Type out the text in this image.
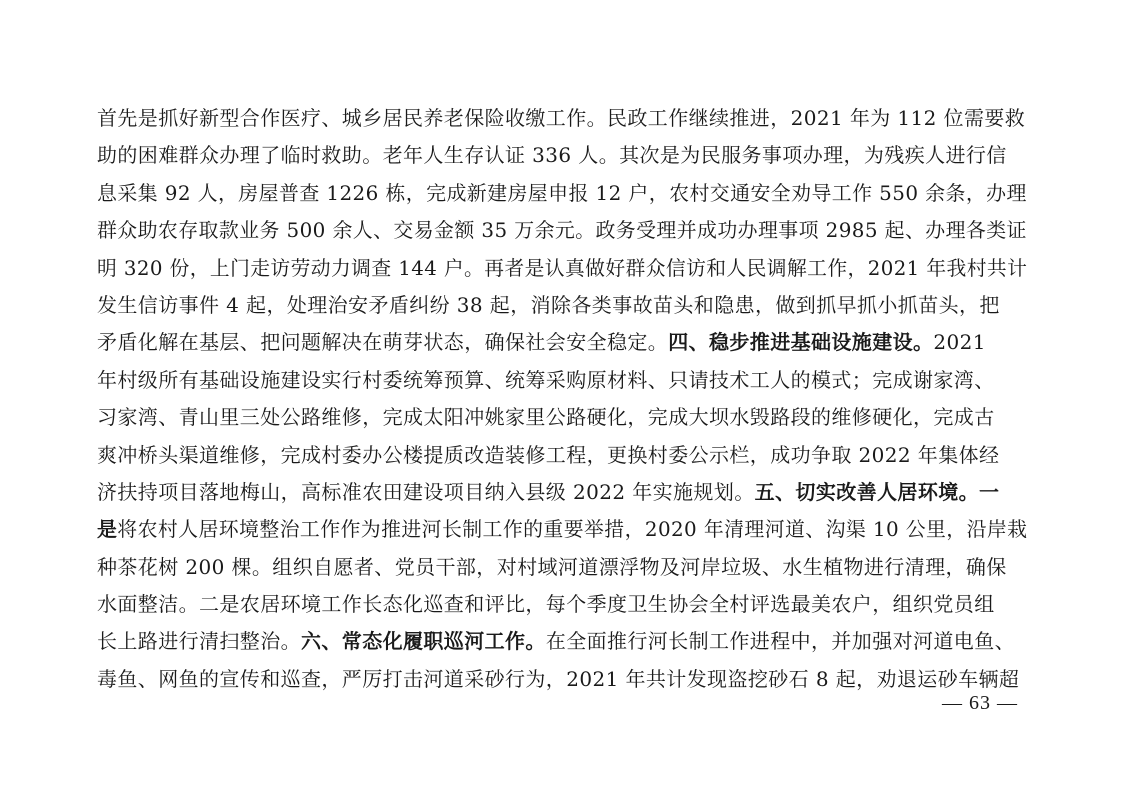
首先是抓好新型合作医疗、城乡居民养老保险收缴工作。民政工作继续推进，2021 年为 112 位需要救
助的困难群众办理了临时救助。老年人生存认证 336 人。其次是为民服务事项办理，为残疾人进行信
息采集 92 人，房屋普查 1226 栋，完成新建房屋申报 12 户，农村交通安全劝导工作 550 余条，办理
群众助农存取款业务 500 余人、交易金额 35 万余元。政务受理并成功办理事项 2985 起、办理各类证
明 320 份，上门走访劳动力调查 144 户。再者是认真做好群众信访和人民调解工作，2021 年我村共计
发生信访事件 4 起，处理治安矛盾纠纷 38 起，消除各类事故苗头和隐患，做到抓早抓小抓苗头，把
矛盾化解在基层、把问题解决在萌芽状态，确保社会安全稳定。四、稳步推进基础设施建设。2021
年村级所有基础设施建设实行村委统筹预算、统筹采购原材料、只请技术工人的模式；完成谢家湾、
习家湾、青山里三处公路维修，完成太阳冲姚家里公路硬化，完成大坝水毁路段的维修硬化，完成古
爽冲桥头渠道维修，完成村委办公楼提质改造装修工程，更换村委公示栏，成功争取 2022 年集体经
济扶持项目落地梅山，高标准农田建设项目纳入县级 2022 年实施规划。五、切实改善人居环境。一
是将农村人居环境整治工作作为推进河长制工作的重要举措，2020 年清理河道、沟渠 10 公里，沿岸栽
种茶花树 200 棵。组织自愿者、党员干部，对村域河道漂浮物及河岸垃圾、水生植物进行清理，确保
水面整洁。二是农居环境工作长态化巡查和评比，每个季度卫生协会全村评选最美农户，组织党员组
长上路进行清扫整治。六、常态化履职巡河工作。在全面推行河长制工作进程中，并加强对河道电鱼、
毒鱼、网鱼的宣传和巡查，严厉打击河道采砂行为，2021 年共计发现盗挖砂石 8 起，劝退运砂车辆超
— 63 —
